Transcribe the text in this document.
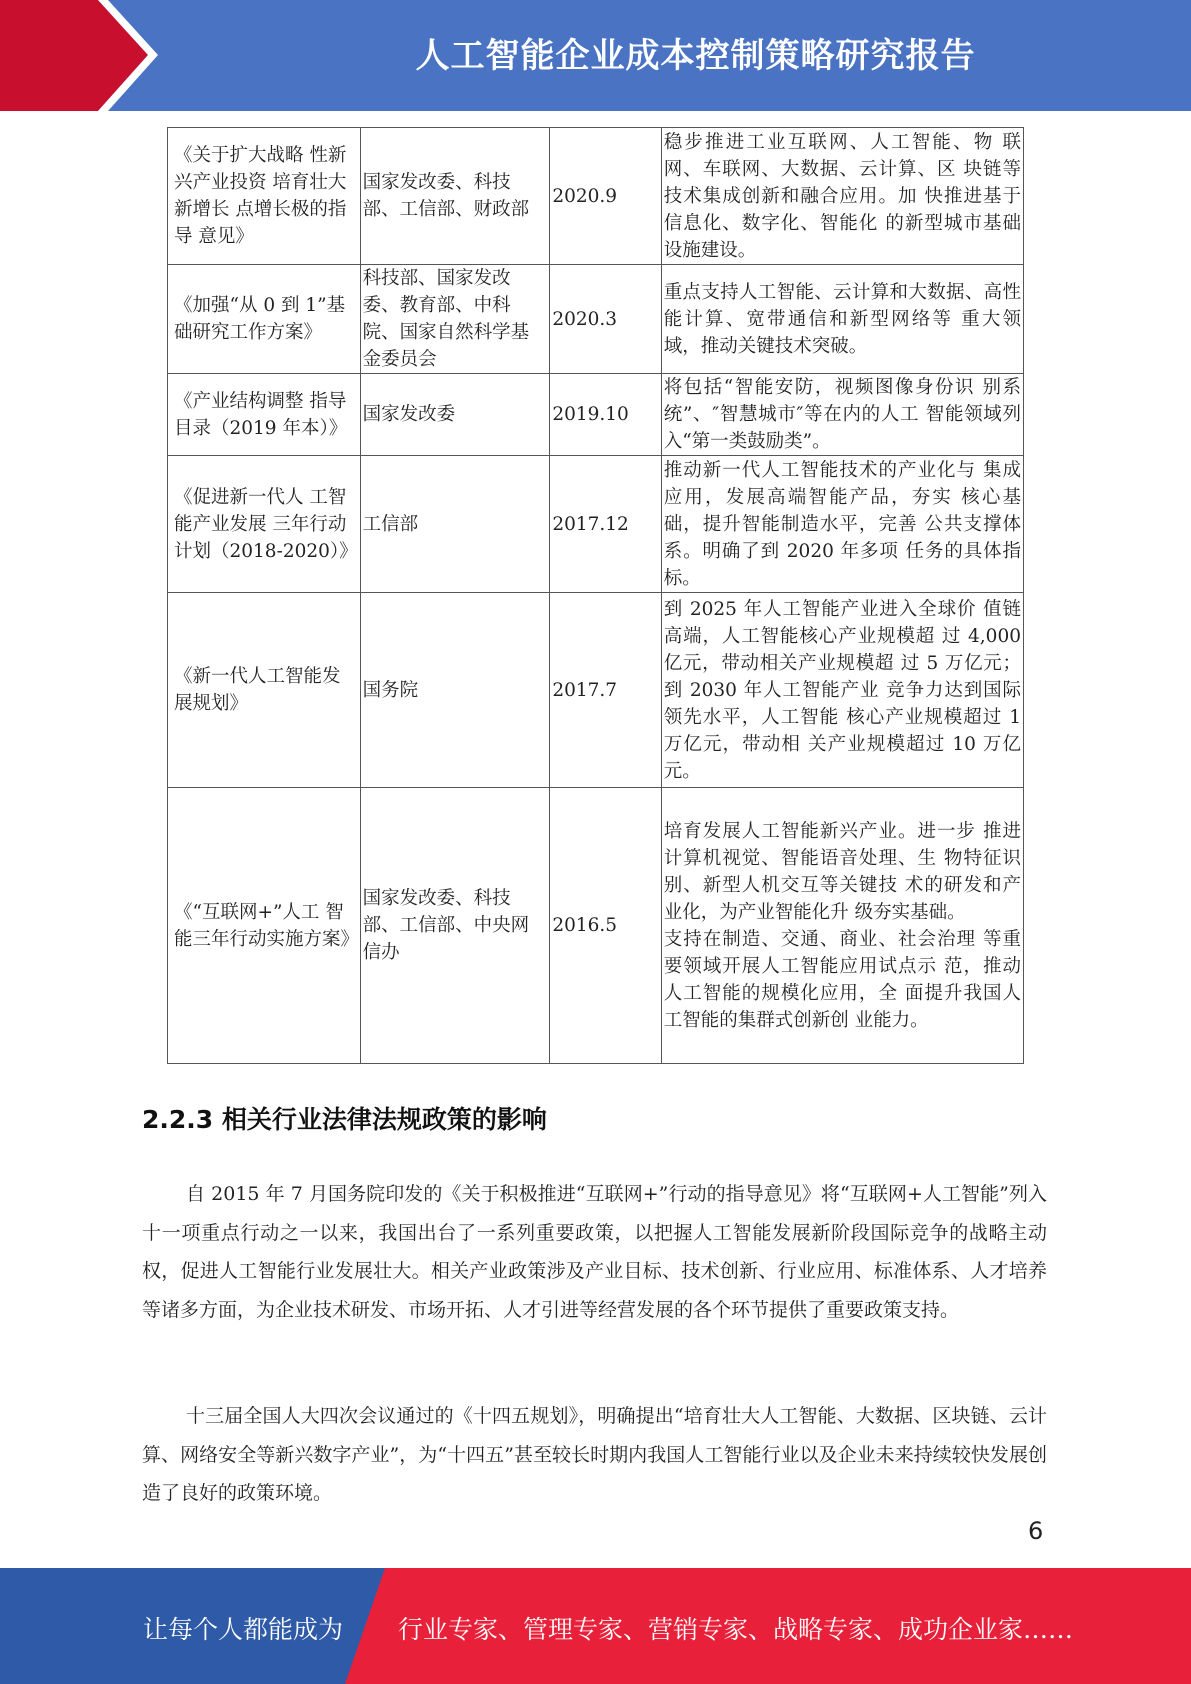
人工智能企业成本控制策略研究报告
《关于扩大战略 性新兴产业投资 培育壮大新增长 点增长极的指导 意见》	国家发改委、科技部、工信部、财政部	2020.9	稳步推进工业互联网、人工智能、物 联网、车联网、大数据、云计算、区 块链等技术集成创新和融合应用。加 快推进基于信息化、数字化、智能化 的新型城市基础设施建设。
《加强“从 0 到 1”基础研究工作方案》	科技部、国家发改委、教育部、中科院、国家自然科学基金委员会	2020.3	重点支持人工智能、云计算和大数据、高性能计算、宽带通信和新型网络等 重大领域，推动关键技术突破。
《产业结构调整 指导目录（2019 年本）》	国家发改委	2019.10	将包括“智能安防，视频图像身份识 别系统”、″智慧城市″等在内的人工 智能领域列入“第一类鼓励类”。
《促进新一代人 工智能产业发展 三年行动计划（2018-2020）》	工信部	2017.12	推动新一代人工智能技术的产业化与 集成应用，发展高端智能产品，夯实 核心基础，提升智能制造水平，完善 公共支撑体系。明确了到 2020 年多项 任务的具体指标。
《新一代人工智能发展规划》	国务院	2017.7	到 2025 年人工智能产业进入全球价 值链高端，人工智能核心产业规模超 过 4,000 亿元，带动相关产业规模超 过 5 万亿元；到 2030 年人工智能产业 竞争力达到国际领先水平，人工智能 核心产业规模超过 1 万亿元，带动相 关产业规模超过 10 万亿元。
《“互联网+”人工 智能三年行动实施方案》	国家发改委、科技部、工信部、中央网信办	2016.5	培育发展人工智能新兴产业。进一步 推进计算机视觉、智能语音处理、生 物特征识别、新型人机交互等关键技 术的研发和产业化，为产业智能化升 级夯实基础。
支持在制造、交通、商业、社会治理 等重要领域开展人工智能应用试点示 范，推动人工智能的规模化应用，全 面提升我国人工智能的集群式创新创 业能力。
2.2.3 相关行业法律法规政策的影响

自 2015 年 7 月国务院印发的《关于积极推进“互联网+”行动的指导意见》将“互联网+人工智能”列入十一项重点行动之一以来，我国出台了一系列重要政策，以把握人工智能发展新阶段国际竞争的战略主动权，促进人工智能行业发展壮大。相关产业政策涉及产业目标、技术创新、行业应用、标准体系、人才培养等诸多方面，为企业技术研发、市场开拓、人才引进等经营发展的各个环节提供了重要政策支持。

十三届全国人大四次会议通过的《十四五规划》，明确提出“培育壮大人工智能、大数据、区块链、云计算、网络安全等新兴数字产业”，为“十四五”甚至较长时期内我国人工智能行业以及企业未来持续较快发展创造了良好的政策环境。

6
让每个人都能成为 行业专家、管理专家、营销专家、战略专家、成功企业家……
